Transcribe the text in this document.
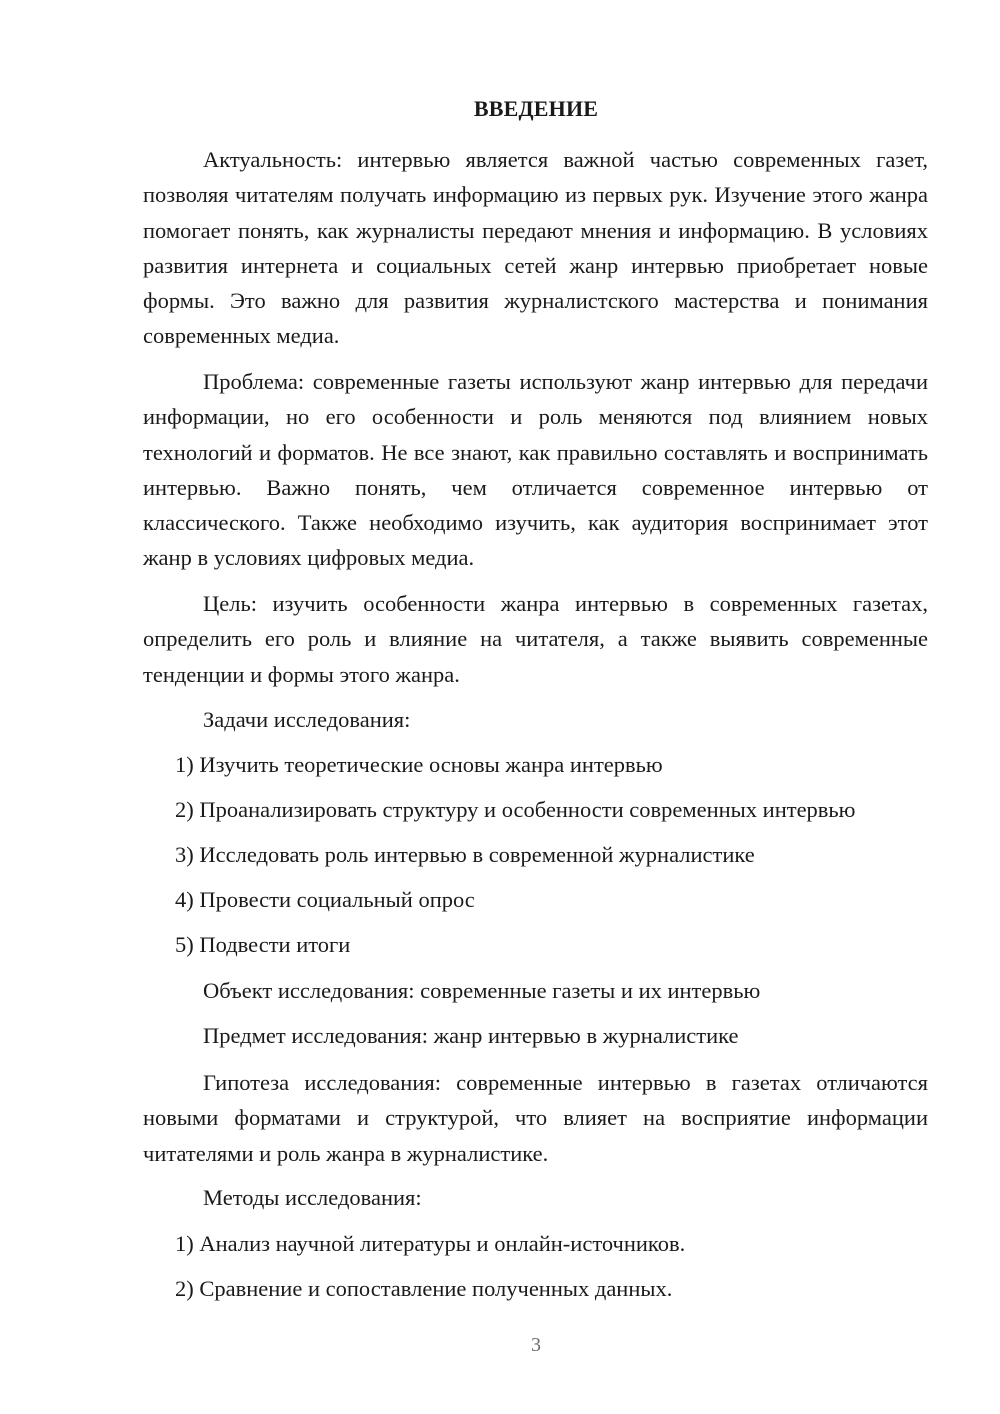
ВВЕДЕНИЕ

Актуальность: интервью является важной частью современных газет, позволяя читателям получать информацию из первых рук. Изучение этого жанра помогает понять, как журналисты передают мнения и информацию. В условиях развития интернета и социальных сетей жанр интервью приобретает новые формы. Это важно для развития журналистского мастерства и понимания современных медиа.

Проблема: современные газеты используют жанр интервью для передачи информации, но его особенности и роль меняются под влиянием новых технологий и форматов. Не все знают, как правильно составлять и воспринимать интервью. Важно понять, чем отличается современное интервью от классического. Также необходимо изучить, как аудитория воспринимает этот жанр в условиях цифровых медиа.

Цель: изучить особенности жанра интервью в современных газетах, определить его роль и влияние на читателя, а также выявить современные тенденции и формы этого жанра.

Задачи исследования:

1) Изучить теоретические основы жанра интервью

2) Проанализировать структуру и особенности современных интервью

3) Исследовать роль интервью в современной журналистике

4) Провести социальный опрос

5) Подвести итоги

Объект исследования: современные газеты и их интервью

Предмет исследования: жанр интервью в журналистике

Гипотеза исследования: современные интервью в газетах отличаются новыми форматами и структурой, что влияет на восприятие информации читателями и роль жанра в журналистике.

Методы исследования:

1) Анализ научной литературы и онлайн-источников.

2) Сравнение и сопоставление полученных данных.

3
